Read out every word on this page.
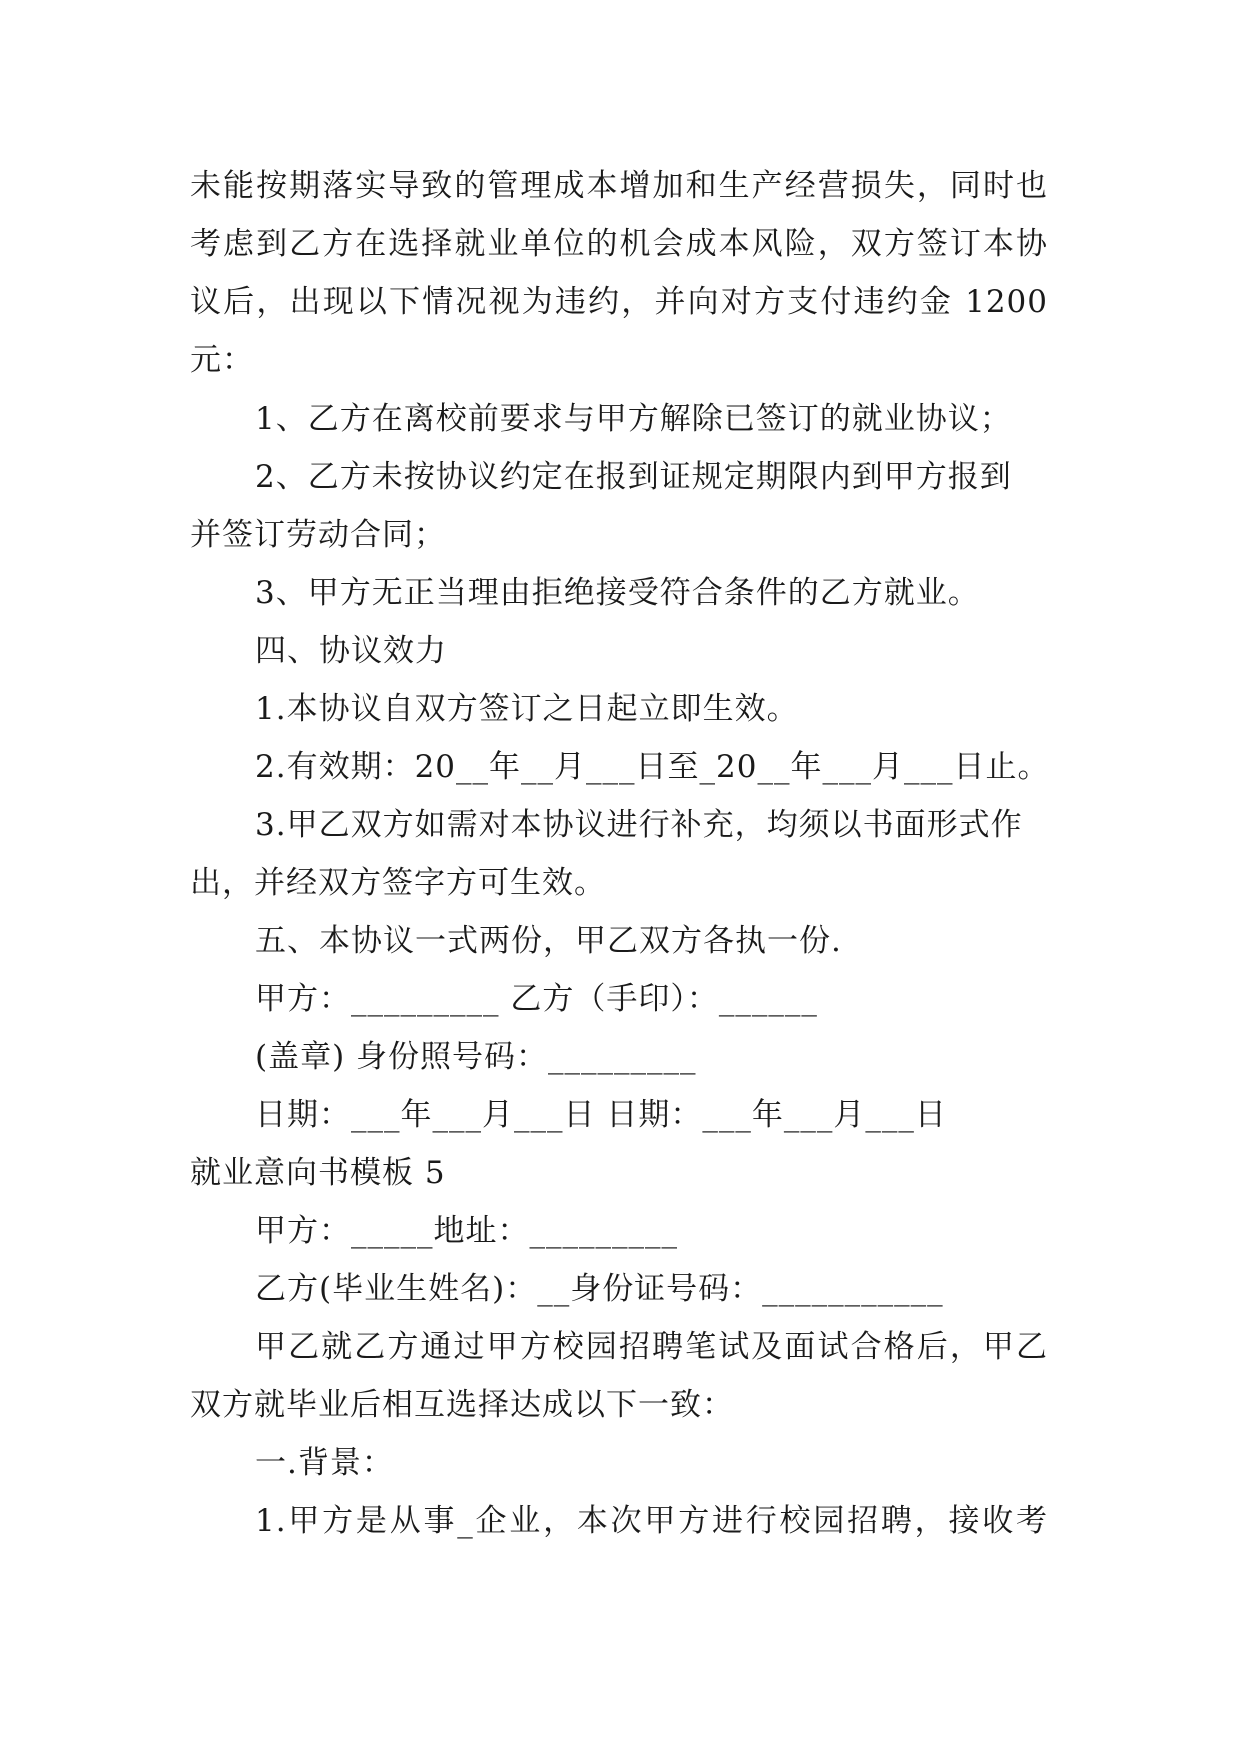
未能按期落实导致的管理成本增加和生产经营损失，同时也
考虑到乙方在选择就业单位的机会成本风险，双方签订本协
议后，出现以下情况视为违约，并向对方支付违约金 1200
元：
1、乙方在离校前要求与甲方解除已签订的就业协议；
2、乙方未按协议约定在报到证规定期限内到甲方报到
并签订劳动合同；
3、甲方无正当理由拒绝接受符合条件的乙方就业。
四、协议效力
1.本协议自双方签订之日起立即生效。
2.有效期：20__年__月___日至_20__年___月___日止。
3.甲乙双方如需对本协议进行补充，均须以书面形式作
出，并经双方签字方可生效。
五、本协议一式两份，甲乙双方各执一份.
甲方：_________ 乙方（手印）：______
(盖章) 身份照号码：_________
日期：___年___月___日 日期：___年___月___日
就业意向书模板 5
甲方：_____地址：_________
乙方(毕业生姓名)：__身份证号码：___________
甲乙就乙方通过甲方校园招聘笔试及面试合格后，甲乙
双方就毕业后相互选择达成以下一致：
一.背景：
1.甲方是从事_企业，本次甲方进行校园招聘，接收考
